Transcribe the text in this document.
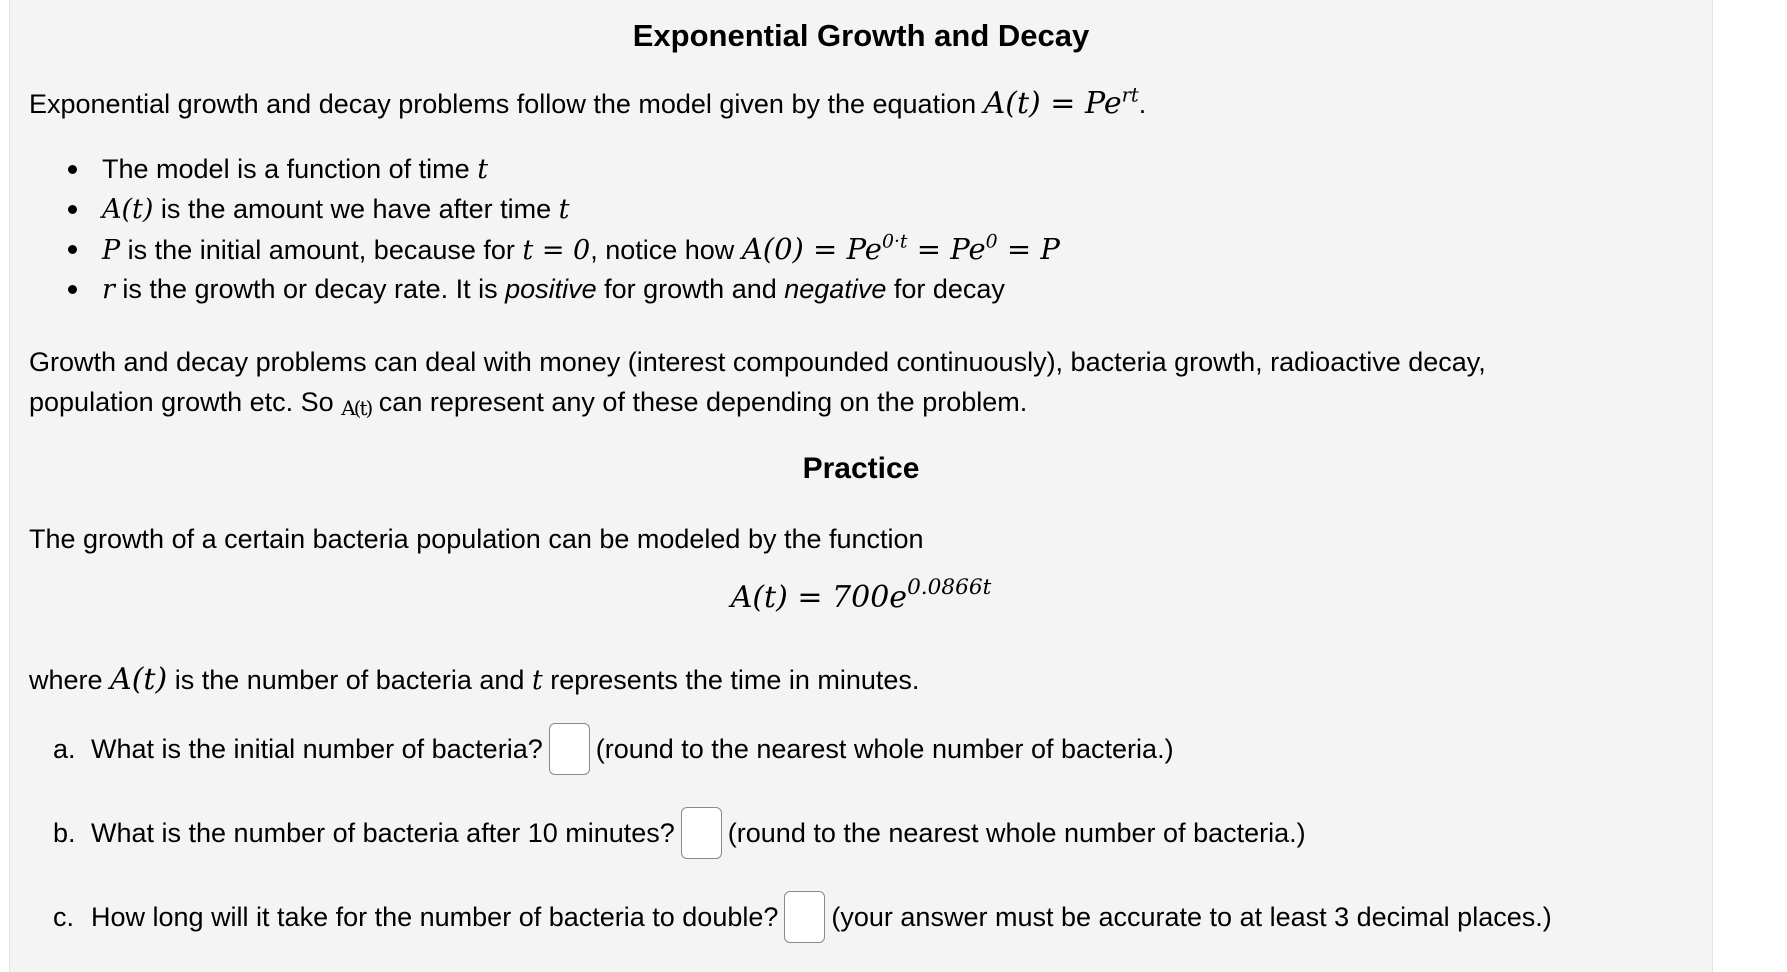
Exponential Growth and Decay
Exponential growth and decay problems follow the model given by the equation $A(t) = Pe^{rt}$.
The model is a function of time t
A(t) is the amount we have after time t
P is the initial amount, because for t = 0, notice how $A(0) = Pe^{0\cdot t} = Pe^0 = P$
r is the growth or decay rate. It is positive for growth and negative for decay
Growth and decay problems can deal with money (interest compounded continuously), bacteria growth, radioactive decay,
population growth etc. So A(t) can represent any of these depending on the problem.
Practice
The growth of a certain bacteria population can be modeled by the function
$A(t) = 700e^{0.0866t}$
where A(t) is the number of bacteria and t represents the time in minutes.
a. What is the initial number of bacteria? (round to the nearest whole number of bacteria.)
b. What is the number of bacteria after 10 minutes? (round to the nearest whole number of bacteria.)
c. How long will it take for the number of bacteria to double? (your answer must be accurate to at least 3 decimal places.)
